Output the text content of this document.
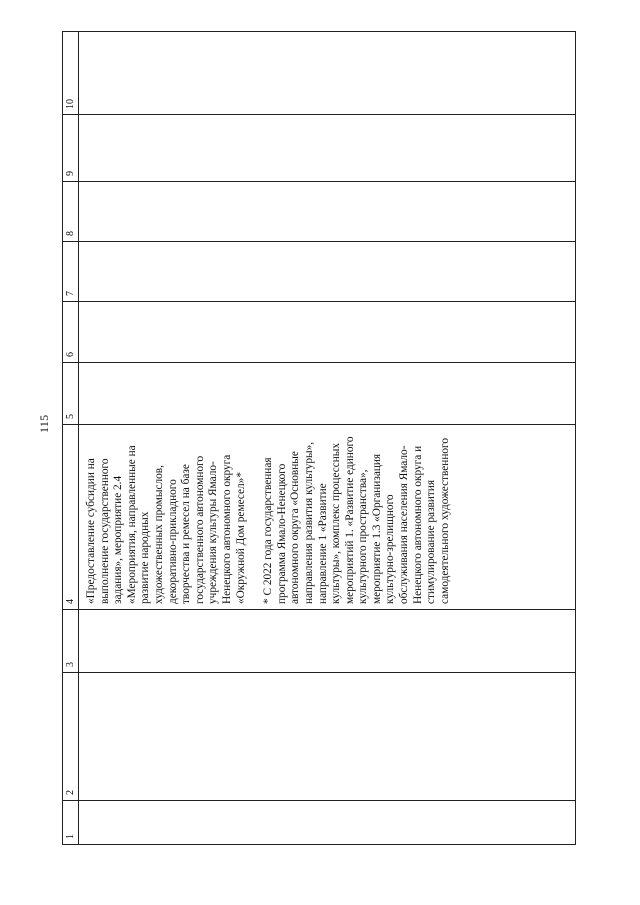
115
1
2
3
4
5
6
7
8
9
10

«Предоставление субсидии на выполнение государственного задания», мероприятие 2.4 «Мероприятия, направленные на развитие народных художественных промыслов, декоративно-прикладного творчества и ремесел на базе государственного автономного учреждения культуры Ямало-Ненецкого автономного округа «Окружной Дом ремесел»* * С 2022 года государственная программа Ямало-Ненецкого автономного округа «Основные направления развития культуры», направление 1 «Развитие культуры», комплекс процессных мероприятий 1. «Развитие единого культурного пространства», мероприятие 1.3 «Организация культурно-зрелищного обслуживания населения Ямало-Ненецкого автономного округа и стимулирование развития самодеятельного художественного
